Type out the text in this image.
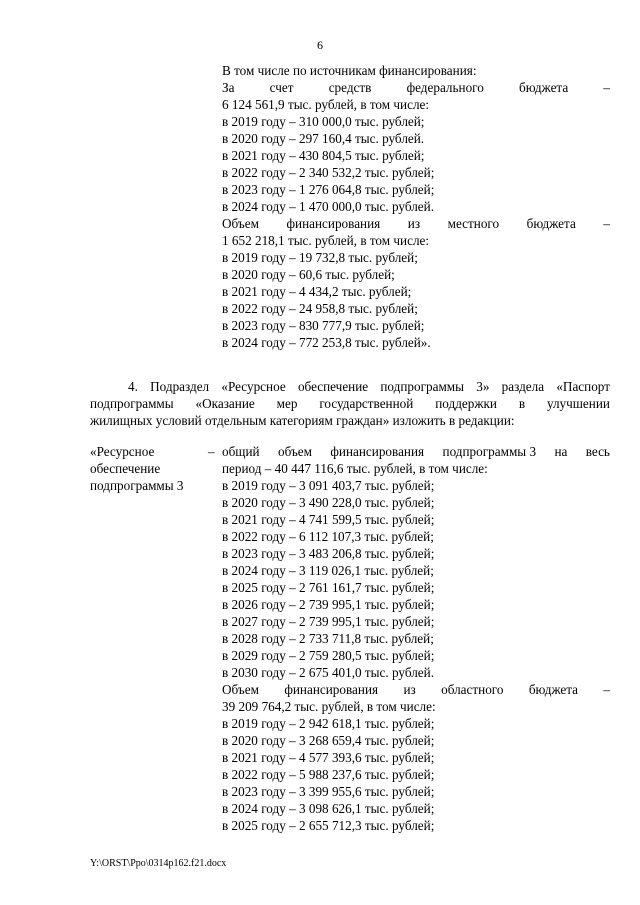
6
В том числе по источникам финансирования:
За	счет	средств	федерального	бюджета	–
6 124 561,9 тыс. рублей, в том числе:
в 2019 году – 310 000,0 тыс. рублей;
в 2020 году – 297 160,4 тыс. рублей.
в 2021 году – 430 804,5 тыс. рублей;
в 2022 году – 2 340 532,2 тыс. рублей;
в 2023 году – 1 276 064,8 тыс. рублей;
в 2024 году – 1 470 000,0 тыс. рублей.
Объем финансирования из местного бюджета –
1 652 218,1 тыс. рублей, в том числе:
в 2019 году – 19 732,8 тыс. рублей;
в 2020 году – 60,6 тыс. рублей;
в 2021 году – 4 434,2 тыс. рублей;
в 2022 году – 24 958,8 тыс. рублей;
в 2023 году – 830 777,9 тыс. рублей;
в 2024 году – 772 253,8 тыс. рублей».
4. Подраздел «Ресурсное обеспечение подпрограммы 3» раздела «Паспорт
подпрограммы «Оказание мер государственной поддержки в улучшении
жилищных условий отдельным категориям граждан» изложить в редакции:
«Ресурсное
обеспечение
подпрограммы 3
– общий объем финансирования подпрограммы 3 на весь
период – 40 447 116,6 тыс. рублей, в том числе:
в 2019 году – 3 091 403,7 тыс. рублей;
в 2020 году – 3 490 228,0 тыс. рублей;
в 2021 году – 4 741 599,5 тыс. рублей;
в 2022 году – 6 112 107,3 тыс. рублей;
в 2023 году – 3 483 206,8 тыс. рублей;
в 2024 году – 3 119 026,1 тыс. рублей;
в 2025 году – 2 761 161,7 тыс. рублей;
в 2026 году – 2 739 995,1 тыс. рублей;
в 2027 году – 2 739 995,1 тыс. рублей;
в 2028 году – 2 733 711,8 тыс. рублей;
в 2029 году – 2 759 280,5 тыс. рублей;
в 2030 году – 2 675 401,0 тыс. рублей.
Объем финансирования из областного бюджета –
39 209 764,2 тыс. рублей, в том числе:
в 2019 году – 2 942 618,1 тыс. рублей;
в 2020 году – 3 268 659,4 тыс. рублей;
в 2021 году – 4 577 393,6 тыс. рублей;
в 2022 году – 5 988 237,6 тыс. рублей;
в 2023 году – 3 399 955,6 тыс. рублей;
в 2024 году – 3 098 626,1 тыс. рублей;
в 2025 году – 2 655 712,3 тыс. рублей;
Y:\ORST\Ppo\0314p162.f21.docx
